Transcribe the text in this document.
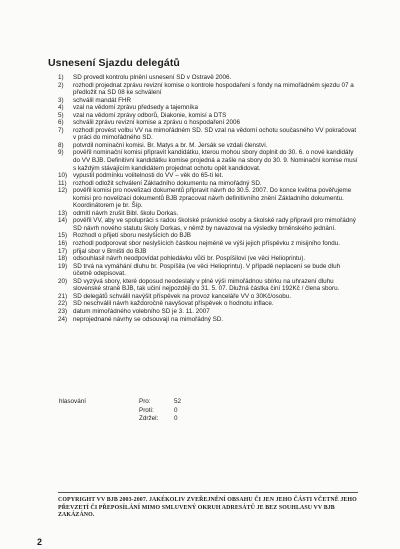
Usnesení Sjazdu delegátů
1)	SD provedl kontrolu plnění usnesení SD v Ostravě 2006.
2)	rozhodl projednat zprávu revizní komise o kontrole hospodaření s fondy na mimořádném sjezdu 07 a předložit na SD 08 ke schválení
3)	schválil mandát FHR
4)	vzal na vědomí zprávu předsedy a tajemníka
5)	vzal na vědomí zprávy odborů, Diakonie, komisí a DTS
6)	schválil zprávu revizní komise a zprávu o hospodaření 2006
7)	rozhodl provést volbu VV na mimořádném SD. SD vzal na vědomí ochotu současného VV pokračovat v práci do mimořádného SD.
8)	potvrdil nominační komisi. Br. Matys a br. M. Jersák se vzdali členství.
9)	pověřil nominační komisi připravit kandidátku, kterou mohou sbory doplnit do 30. 6. o nové kandidáty do VV BJB. Definitivní kandidátku komise projedná a zašle na sbory do 30. 9. Nominační komise musí s každým stávajícím kandidátem projednat ochotu opět kandidovat.
10) vypustil podmínku volitelnosti do VV – věk do 65-ti let.
11)	rozhodl odložit schválení Základního dokumentu na mimořádný SD.
12) pověřil komisi pro novelizaci dokumentů připravit návrh do 30.5. 2007. Do konce května pověřujeme komisi pro novelizaci dokumentů BJB zpracovat návrh definitivního znění Základního dokumentu. Koordinátorem je br. Šíp.
13) odmítl návrh zrušit Bibl. školu Dorkas.
14) pověřil VV, aby ve spolupráci s radou školské právnické osoby a školské rady připravil pro mimořádný SD návrh nového statutu školy Dorkas, v němž by navazoval na výsledky brněnského jednání.
15) Rozhodl o přijetí sboru neslyšících do BJB
16) rozhodl podporovat sbor neslyšících částkou nejméně ve výši jejich příspěvku z misijního fondu.
17) přijal sbor v Brništi do BJB
18) odsouhlasil návrh neodpovídat pohledávku vůči br. Pospíšilovi (ve věci Helioprintu).
19) SD trvá na vymáhání dluhu br. Pospíšila (ve věci Helioprintu). V případě neplacení se bude dluh účetně odepisovat.
20) SD vyzývá sbory, které doposud neodeslaly v plné výši mimořádnou sbírku na uhrazení dluhu slovenské straně BJB, tak učiní nejpozději do 31. 5. 07. Dlužná částka činí 192Kč / člena sboru.
21) SD delegátů schválil navýšit příspěvek na provoz kanceláře VV o 30Kč/osobu.
22) SD neschválil návrh každoročně navyšovat příspěvek o hodnotu inflace.
23) datum mimořádného volebního SD je 3. 11. 2007
24) neprojednané návrhy se odsouvají na mimořádný SD.
hlasování	Pro:	52
Proti:	0
Zdržel:	0
COPYRIGHT VV BJB 2003-2007. JAKÉKOLIV ZVEŘEJNĚNÍ OBSAHU ČI JEN JEHO ČÁSTI VČETNĚ JEHO PŘEVZETÍ ČI PŘEPOSÍLÁNÍ MIMO SMLUVENÝ OKRUH ADRESÁTŮ JE BEZ SOUHLASU VV BJB ZAKÁZÁNO.
2
